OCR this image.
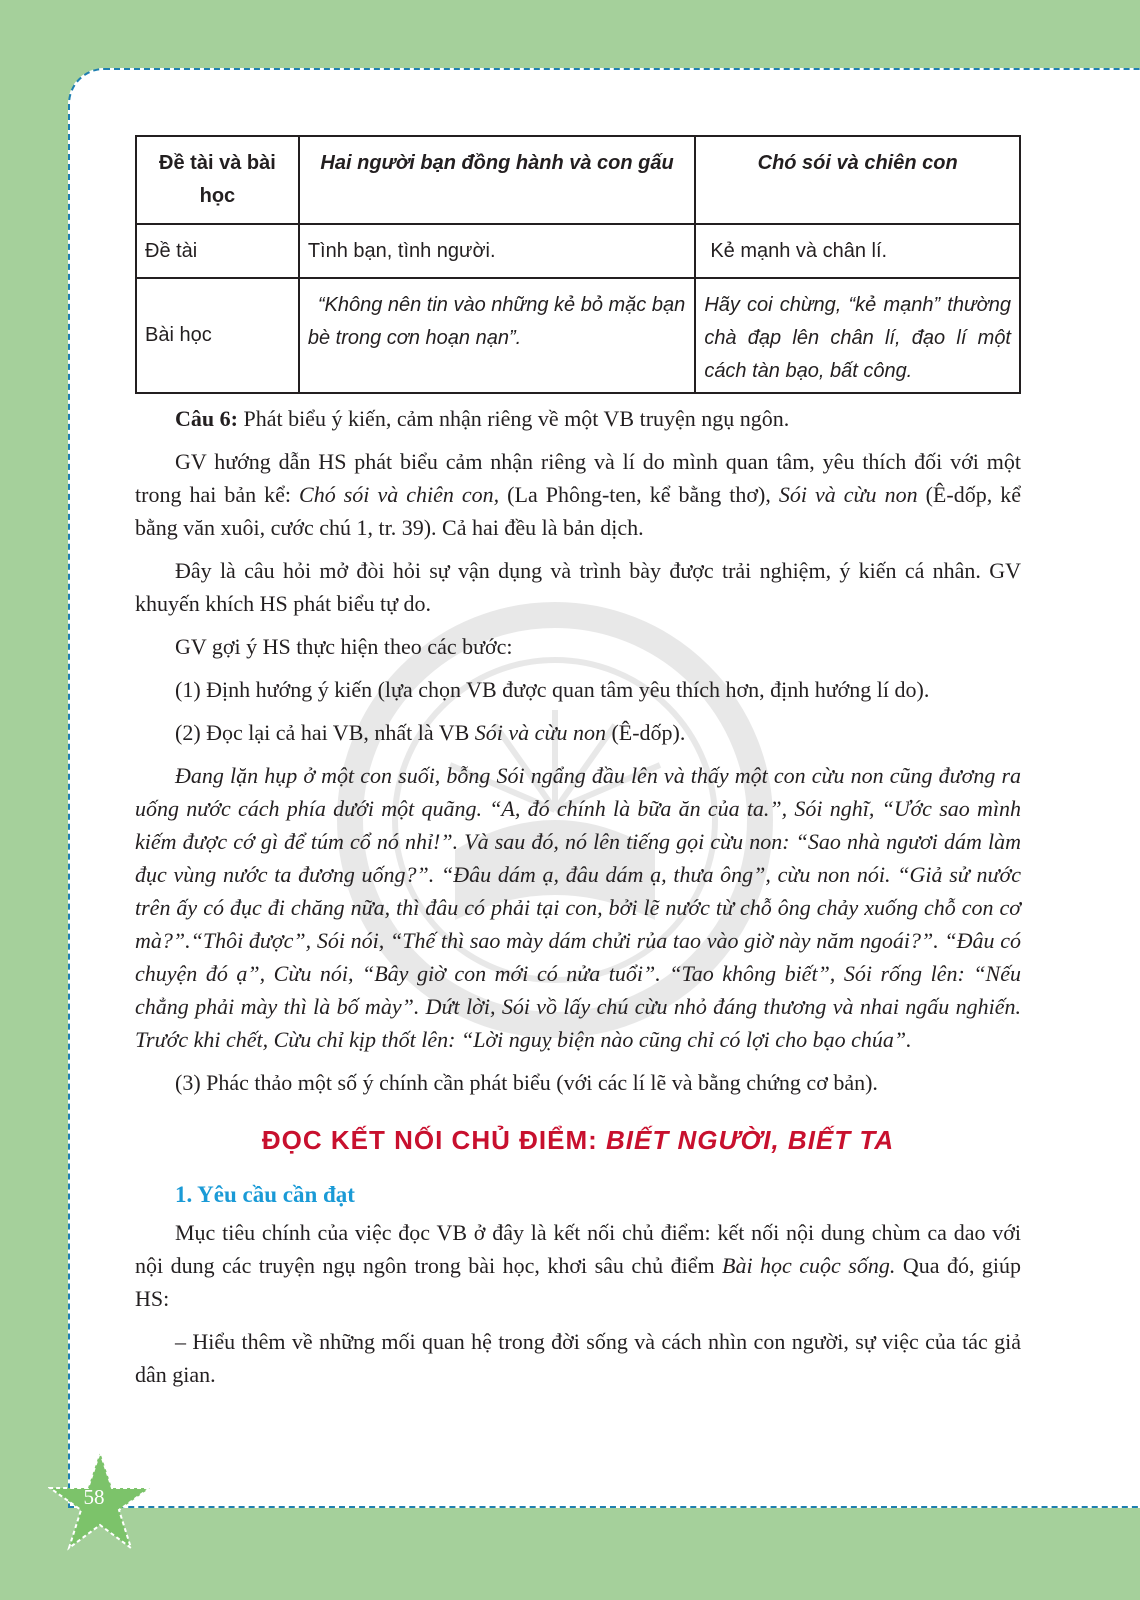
Đề tài và bài học	Hai người bạn đồng hành và con gấu	Chó sói và chiên con
Đề tài	Tình bạn, tình người.	Kẻ mạnh và chân lí.
Bài học	“Không nên tin vào những kẻ bỏ mặc bạn bè trong cơn hoạn nạn”.	Hãy coi chừng, “kẻ mạnh” thường chà đạp lên chân lí, đạo lí một cách tàn bạo, bất công.

Câu 6: Phát biểu ý kiến, cảm nhận riêng về một VB truyện ngụ ngôn.

GV hướng dẫn HS phát biểu cảm nhận riêng và lí do mình quan tâm, yêu thích đối với một trong hai bản kể: Chó sói và chiên con, (La Phông-ten, kể bằng thơ), Sói và cừu non (Ê-dốp, kể bằng văn xuôi, cước chú 1, tr. 39). Cả hai đều là bản dịch.

Đây là câu hỏi mở đòi hỏi sự vận dụng và trình bày được trải nghiệm, ý kiến cá nhân. GV khuyến khích HS phát biểu tự do.

GV gợi ý HS thực hiện theo các bước:

(1) Định hướng ý kiến (lựa chọn VB được quan tâm yêu thích hơn, định hướng lí do).

(2) Đọc lại cả hai VB, nhất là VB Sói và cừu non (Ê-dốp).

Đang lặn hụp ở một con suối, bỗng Sói ngẩng đầu lên và thấy một con cừu non cũng đương ra uống nước cách phía dưới một quãng. “A, đó chính là bữa ăn của ta.”, Sói nghĩ, “Ước sao mình kiếm được cớ gì để túm cổ nó nhỉ!”. Và sau đó, nó lên tiếng gọi cừu non: “Sao nhà ngươi dám làm đục vùng nước ta đương uống?”. “Đâu dám ạ, đâu dám ạ, thưa ông”, cừu non nói. “Giả sử nước trên ấy có đục đi chăng nữa, thì đâu có phải tại con, bởi lẽ nước từ chỗ ông chảy xuống chỗ con cơ mà?”.“Thôi được”, Sói nói, “Thế thì sao mày dám chửi rủa tao vào giờ này năm ngoái?”. “Đâu có chuyện đó ạ”, Cừu nói, “Bây giờ con mới có nửa tuổi”. “Tao không biết”, Sói rống lên: “Nếu chẳng phải mày thì là bố mày”. Dứt lời, Sói vồ lấy chú cừu nhỏ đáng thương và nhai ngấu nghiến. Trước khi chết, Cừu chỉ kịp thốt lên: “Lời nguỵ biện nào cũng chỉ có lợi cho bạo chúa”.

(3) Phác thảo một số ý chính cần phát biểu (với các lí lẽ và bằng chứng cơ bản).

ĐỌC KẾT NỐI CHỦ ĐIỂM: BIẾT NGƯỜI, BIẾT TA
1. Yêu cầu cần đạt

Mục tiêu chính của việc đọc VB ở đây là kết nối chủ điểm: kết nối nội dung chùm ca dao với nội dung các truyện ngụ ngôn trong bài học, khơi sâu chủ điểm Bài học cuộc sống. Qua đó, giúp HS:

– Hiểu thêm về những mối quan hệ trong đời sống và cách nhìn con người, sự việc của tác giả dân gian.

58
